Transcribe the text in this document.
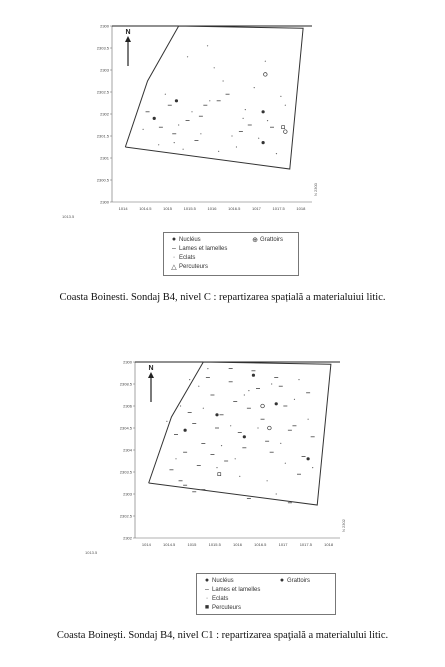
2300
2303.5
2303
2302.5
2302
2301.5
2301
2300.5
2300
1014	1014.5	1015	1015.5	1016	1016.5	1017	1017.5	1018
1013.5
N 2300
N
● Nucléus
– Lames et lamelles
· Eclats
△ Percuteurs
⊕ Grattoirs
Coasta Boinesti. Sondaj B4, nivel C : repartizarea spațială a materialuiui litic.
2300
2308.5
2306
2304.5
2304
2303.5
2303
2302.5
2302
1014	1014.5	1015	1015.5	1016	1016.5	1017	1017.5	1018
1013.5
N 2302
N
● Nucléus
– Lames et lamelles
· Eclats
■ Percuteurs
● Grattoirs
Coasta Boineşti. Sondaj B4, nivel C1 : repartizarea spaţială a materialului litic.
